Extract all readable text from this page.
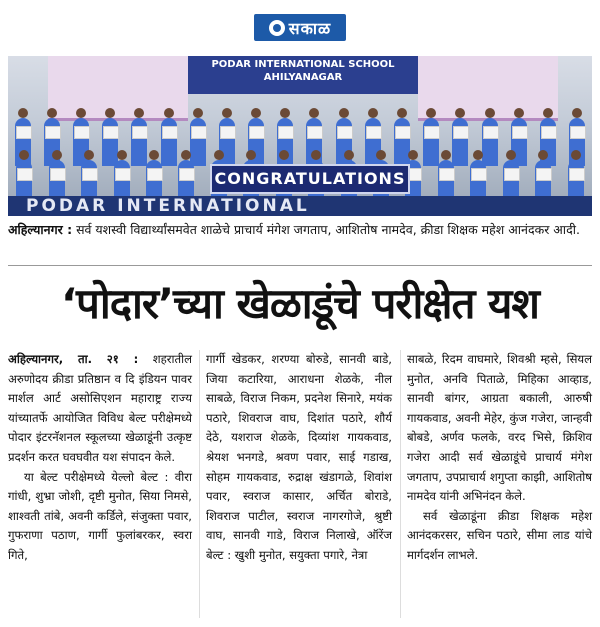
सकाळ
PODAR INTERNATIONAL SCHOOL
AHILYANAGAR
CONGRATULATIONS
PODAR INTERNATIONAL
अहिल्यानगर : सर्व यशस्वी विद्यार्थ्यांसमवेत शाळेचे प्राचार्य मंगेश जगताप, आशितोष नामदेव, क्रीडा शिक्षक महेश आनंदकर आदी.
‘पोदार’च्या खेळाडूंचे परीक्षेत यश

अहिल्यानगर, ता. २१ : शहरातील अरुणोदय क्रीडा प्रतिष्ठान व दि इंडियन पावर मार्शल आर्ट असोसिएशन महाराष्ट्र राज्य यांच्यातर्फे आयोजित विविध बेल्ट परीक्षेमध्ये पोदार इंटरनॅशनल स्कूलच्या खेळाडूंनी उत्कृष्ट प्रदर्शन करत घवघवीत यश संपादन केले.

या बेल्ट परीक्षेमध्ये येल्लो बेल्ट : वीरा गांधी, शुभ्रा जोशी, दृष्टी मुनोत, सिया निमसे, शाश्वती तांबे, अवनी कर्डिले, संजुक्ता पवार, गुफराणा पठाण, गार्गी फुलांबरकर, स्वरा गिते,

गार्गी खेडकर, शरण्या बोरुडे, सानवी बाडे, जिया कटारिया, आराधना शेळके, नील साबळे, विराज निकम, प्रदनेश सिनारे, मयंक पठारे, शिवराज वाघ, दिशांत पठारे, शौर्य देठे, यशराज शेळके, दिव्यांश गायकवाड, श्रेयश भनगडे, श्रवण पवार, साई गडाख, सोहम गायकवाड, रुद्राक्ष खंडागळे, शिवांश पवार, स्वराज कासार, अर्चित बोराडे, शिवराज पाटील, स्वराज नागरगोजे, श्रुष्टी वाघ, सानवी गाडे, विराज निलाखे, ऑरेंज बेल्ट : खुशी मुनोत, सयुक्ता पगारे, नेत्रा

साबळे, रिदम वाघमारे, शिवश्री म्हसे, सियल मुनोत, अनवि पिताळे, मिहिका आव्हाड, सानवी बांगर, आग्रता बकाली, आरुषी गायकवाड, अवनी मेहेर, कुंज गजेरा, जान्हवी बोबडे, अर्णव फलके, वरद भिसे, क्रिशिव गजेरा आदी सर्व खेळाडूंचे प्राचार्य मंगेश जगताप, उपप्राचार्य शगुप्ता काझी, आशितोष नामदेव यांनी अभिनंदन केले.

सर्व खेळाडूंना क्रीडा शिक्षक महेश आनंदकरसर, सचिन पठारे, सीमा लाड यांचे मार्गदर्शन लाभले.
